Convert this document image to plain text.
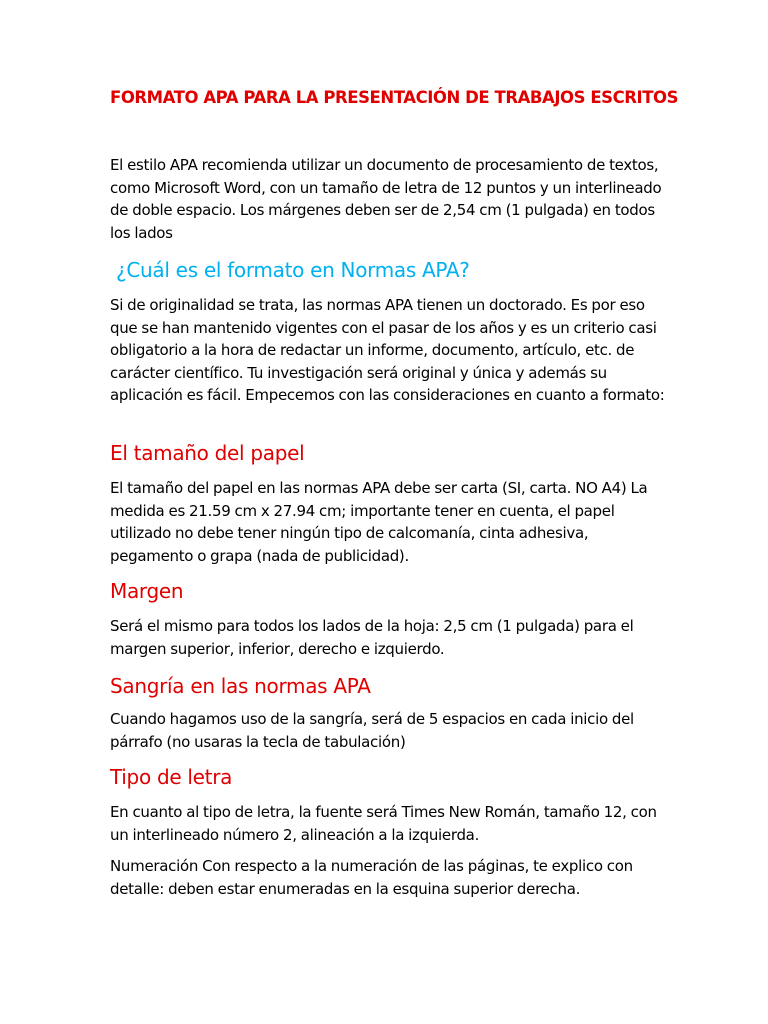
FORMATO APA PARA LA PRESENTACIÓN DE TRABAJOS ESCRITOS

El estilo APA recomienda utilizar un documento de procesamiento de textos, como Microsoft Word, con un tamaño de letra de 12 puntos y un interlineado de doble espacio. Los márgenes deben ser de 2,54 cm (1 pulgada) en todos los lados

¿Cuál es el formato en Normas APA?

Si de originalidad se trata, las normas APA tienen un doctorado. Es por eso que se han mantenido vigentes con el pasar de los años y es un criterio casi obligatorio a la hora de redactar un informe, documento, artículo, etc. de carácter científico. Tu investigación será original y única y además su aplicación es fácil. Empecemos con las consideraciones en cuanto a formato:

El tamaño del papel

El tamaño del papel en las normas APA debe ser carta (SI, carta. NO A4) La medida es 21.59 cm x 27.94 cm; importante tener en cuenta, el papel utilizado no debe tener ningún tipo de calcomanía, cinta adhesiva, pegamento o grapa (nada de publicidad).

Margen

Será el mismo para todos los lados de la hoja: 2,5 cm (1 pulgada) para el margen superior, inferior, derecho e izquierdo.

Sangría en las normas APA

Cuando hagamos uso de la sangría, será de 5 espacios en cada inicio del párrafo (no usaras la tecla de tabulación)

Tipo de letra

En cuanto al tipo de letra, la fuente será Times New Román, tamaño 12, con un interlineado número 2, alineación a la izquierda.

Numeración Con respecto a la numeración de las páginas, te explico con detalle: deben estar enumeradas en la esquina superior derecha.
